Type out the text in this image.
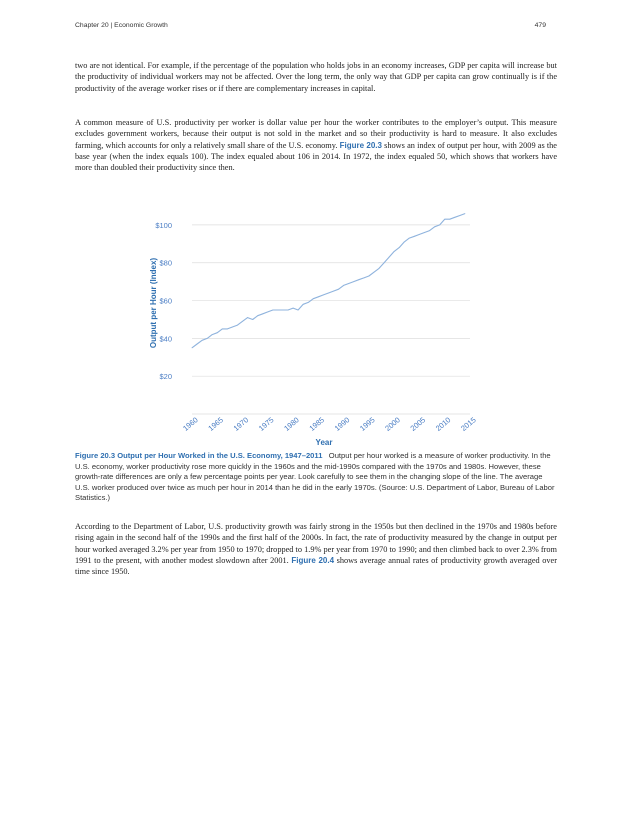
Chapter 20 | Economic Growth	479

two are not identical. For example, if the percentage of the population who holds jobs in an economy increases, GDP per capita will increase but the productivity of individual workers may not be affected. Over the long term, the only way that GDP per capita can grow continually is if the productivity of the average worker rises or if there are complementary increases in capital.

A common measure of U.S. productivity per worker is dollar value per hour the worker contributes to the employer’s output. This measure excludes government workers, because their output is not sold in the market and so their productivity is hard to measure. It also excludes farming, which accounts for only a relatively small share of the U.S. economy. Figure 20.3 shows an index of output per hour, with 2009 as the base year (when the index equals 100). The index equaled about 106 in 2014. In 1972, the index equaled 50, which shows that workers have more than doubled their productivity since then.

$20
$40
$60
$80
$100
1960 1965 1970 1975 1980 1985 1990 1995 2000 2005 2010 2015
Output per Hour (Index)
Year

Figure 20.3 Output per Hour Worked in the U.S. Economy, 1947–2011 Output per hour worked is a measure of worker productivity. In the U.S. economy, worker productivity rose more quickly in the 1960s and the mid-1990s compared with the 1970s and 1980s. However, these growth-rate differences are only a few percentage points per year. Look carefully to see them in the changing slope of the line. The average U.S. worker produced over twice as much per hour in 2014 than he did in the early 1970s. (Source: U.S. Department of Labor, Bureau of Labor Statistics.)

According to the Department of Labor, U.S. productivity growth was fairly strong in the 1950s but then declined in the 1970s and 1980s before rising again in the second half of the 1990s and the first half of the 2000s. In fact, the rate of productivity measured by the change in output per hour worked averaged 3.2% per year from 1950 to 1970; dropped to 1.9% per year from 1970 to 1990; and then climbed back to over 2.3% from 1991 to the present, with another modest slowdown after 2001. Figure 20.4 shows average annual rates of productivity growth averaged over time since 1950.
